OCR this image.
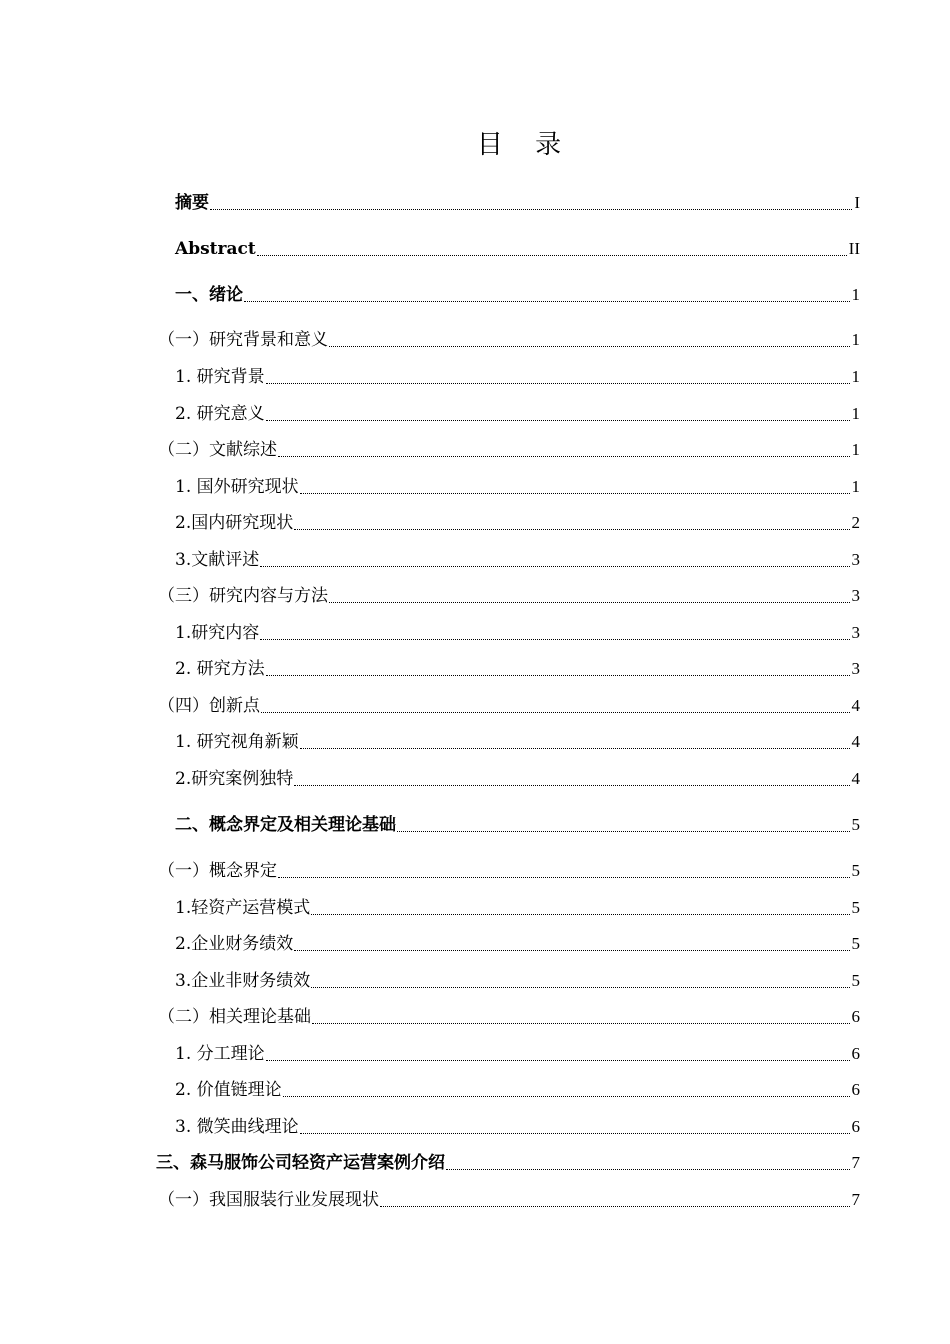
目 录
摘要	I
Abstract	II
一、绪论	1
（一）研究背景和意义	1
1. 研究背景	1
2. 研究意义	1
（二）文献综述	1
1. 国外研究现状	1
2.国内研究现状	2
3.文献评述	3
（三）研究内容与方法	3
1.研究内容	3
2. 研究方法	3
（四）创新点	4
1. 研究视角新颖	4
2.研究案例独特	4
二、概念界定及相关理论基础	5
（一）概念界定	5
1.轻资产运营模式	5
2.企业财务绩效	5
3.企业非财务绩效	5
（二）相关理论基础	6
1. 分工理论	6
2. 价值链理论	6
3. 微笑曲线理论	6
三、森马服饰公司轻资产运营案例介绍	7
（一）我国服装行业发展现状	7
